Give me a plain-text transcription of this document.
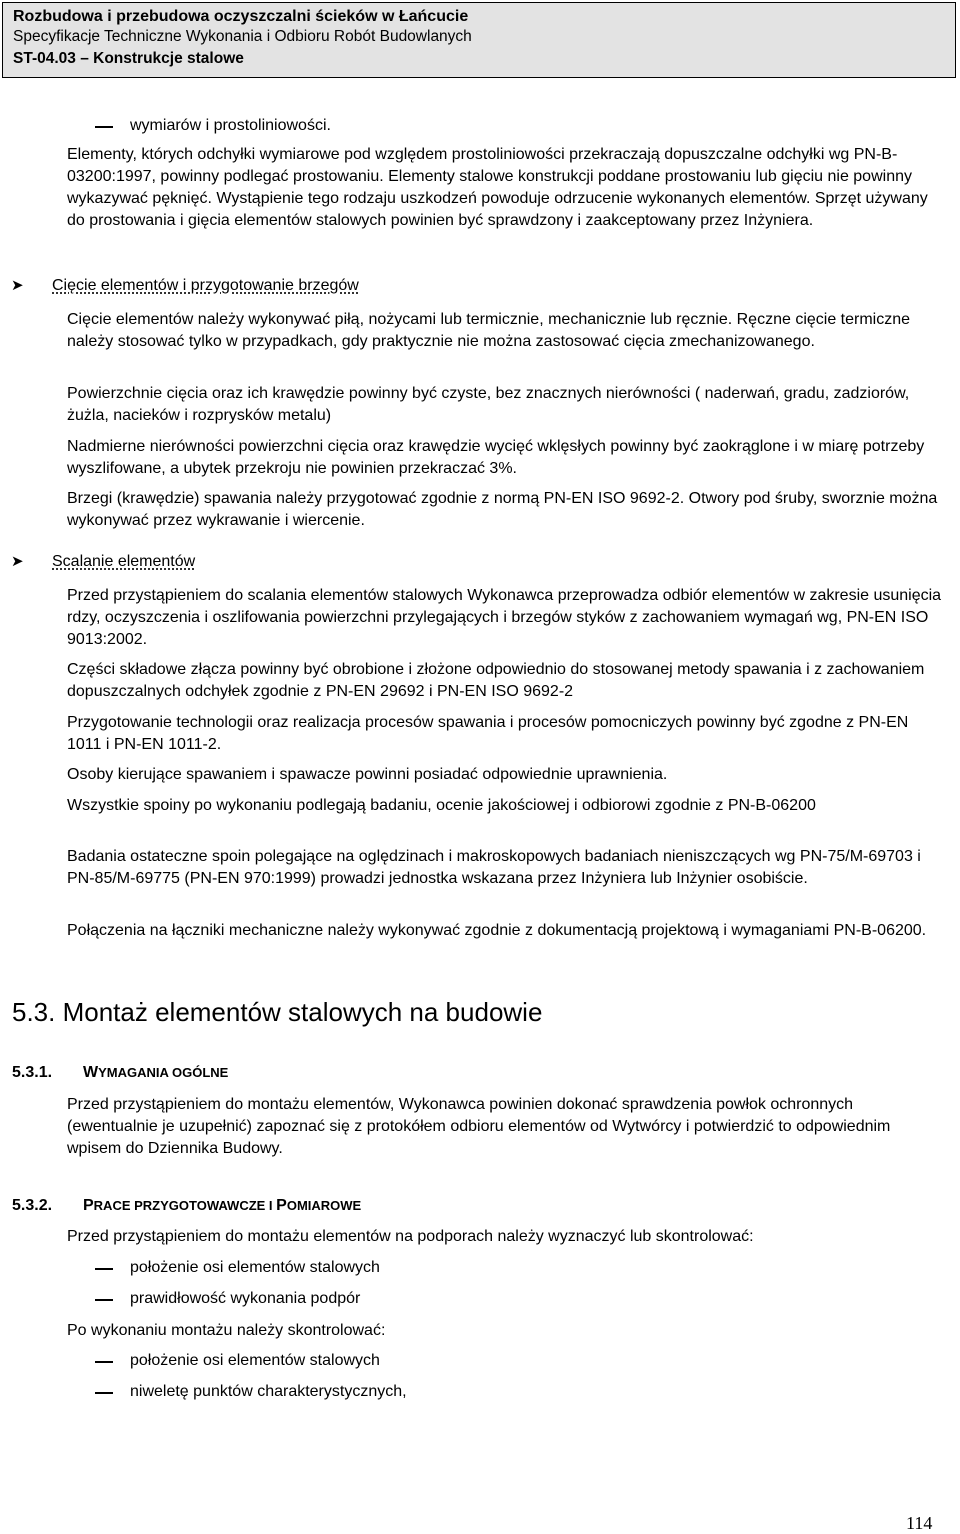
Rozbudowa i przebudowa oczyszczalni ścieków w Łańcucie
Specyfikacje Techniczne Wykonania i Odbioru Robót Budowlanych
ST-04.03 – Konstrukcje stalowe
wymiarów i prostoliniowości.
Elementy, których odchyłki wymiarowe pod względem prostoliniowości przekraczają dopuszczalne odchyłki wg PN-B-03200:1997, powinny podlegać prostowaniu. Elementy stalowe konstrukcji poddane prostowaniu lub gięciu nie powinny wykazywać pęknięć. Wystąpienie tego rodzaju uszkodzeń powoduje odrzucenie wykonanych elementów. Sprzęt używany do prostowania i gięcia elementów stalowych powinien być sprawdzony i zaakceptowany przez Inżyniera.
➤ Cięcie elementów i przygotowanie brzegów
Cięcie elementów należy wykonywać piłą, nożycami lub termicznie, mechanicznie lub ręcznie. Ręczne cięcie termiczne należy stosować tylko w przypadkach, gdy praktycznie nie można zastosować cięcia zmechanizowanego.
Powierzchnie cięcia oraz ich krawędzie powinny być czyste, bez znacznych nierówności ( naderwań, gradu, zadziorów, żużla, nacieków i rozprysków metalu)
Nadmierne nierówności powierzchni cięcia oraz krawędzie wycięć wklęsłych powinny być zaokrąglone i w miarę potrzeby wyszlifowane, a ubytek przekroju nie powinien przekraczać 3%.
Brzegi (krawędzie) spawania należy przygotować zgodnie z normą PN-EN ISO 9692-2. Otwory pod śruby, sworznie można wykonywać przez wykrawanie i wiercenie.
➤ Scalanie elementów
Przed przystąpieniem do scalania elementów stalowych Wykonawca przeprowadza odbiór elementów w zakresie usunięcia rdzy, oczyszczenia i oszlifowania powierzchni przylegających i brzegów styków z zachowaniem wymagań wg, PN-EN ISO 9013:2002.
Części składowe złącza powinny być obrobione i złożone odpowiednio do stosowanej metody spawania i z zachowaniem dopuszczalnych odchyłek zgodnie z PN-EN 29692 i PN-EN ISO 9692-2
Przygotowanie technologii oraz realizacja procesów spawania i procesów pomocniczych powinny być zgodne z PN-EN 1011 i PN-EN 1011-2.
Osoby kierujące spawaniem i spawacze powinni posiadać odpowiednie uprawnienia.
Wszystkie spoiny po wykonaniu podlegają badaniu, ocenie jakościowej i odbiorowi zgodnie z PN-B-06200
Badania ostateczne spoin polegające na oględzinach i makroskopowych badaniach nieniszczących wg PN-75/M-69703 i PN-85/M-69775 (PN-EN 970:1999) prowadzi jednostka wskazana przez Inżyniera lub Inżynier osobiście.
Połączenia na łączniki mechaniczne należy wykonywać zgodnie z dokumentacją projektową i wymaganiami PN-B-06200.
5.3. Montaż elementów stalowych na budowie
5.3.1. WYMAGANIA OGÓLNE
Przed przystąpieniem do montażu elementów, Wykonawca powinien dokonać sprawdzenia powłok ochronnych (ewentualnie je uzupełnić) zapoznać się z protokółem odbioru elementów od Wytwórcy i potwierdzić to odpowiednim wpisem do Dziennika Budowy.
5.3.2. PRACE PRZYGOTOWAWCZE I POMIAROWE
Przed przystąpieniem do montażu elementów na podporach należy wyznaczyć lub skontrolować:
położenie osi elementów stalowych
prawidłowość wykonania podpór
Po wykonaniu montażu należy skontrolować:
położenie osi elementów stalowych
niweletę punktów charakterystycznych,
114
